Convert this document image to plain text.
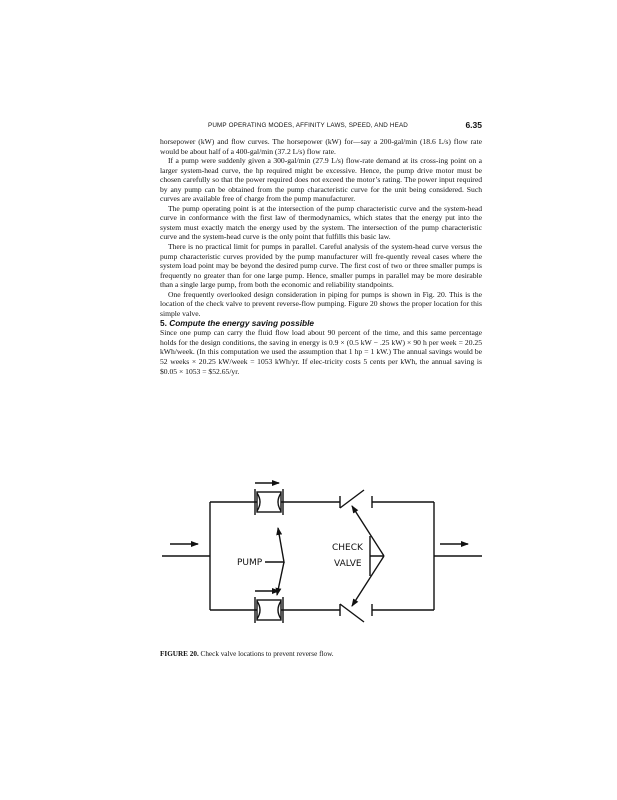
PUMP OPERATING MODES, AFFINITY LAWS, SPEED, AND HEAD	6.35

horsepower (kW) and flow curves. The horsepower (kW) for—say a 200-gal/min (18.6 L/s) flow rate would be about half of a 400-gal/min (37.2 L/s) flow rate.

If a pump were suddenly given a 300-gal/min (27.9 L/s) flow-rate demand at its cross-ing point on a larger system-head curve, the hp required might be excessive. Hence, the pump drive motor must be chosen carefully so that the power required does not exceed the motor’s rating. The power input required by any pump can be obtained from the pump characteristic curve for the unit being considered. Such curves are available free of charge from the pump manufacturer.

The pump operating point is at the intersection of the pump characteristic curve and the system-head curve in conformance with the first law of thermodynamics, which states that the energy put into the system must exactly match the energy used by the system. The intersection of the pump characteristic curve and the system-head curve is the only point that fulfills this basic law.

There is no practical limit for pumps in parallel. Careful analysis of the system-head curve versus the pump characteristic curves provided by the pump manufacturer will fre-quently reveal cases where the system load point may be beyond the desired pump curve. The first cost of two or three smaller pumps is frequently no greater than for one large pump. Hence, smaller pumps in parallel may be more desirable than a single large pump, from both the economic and reliability standpoints.

One frequently overlooked design consideration in piping for pumps is shown in Fig. 20. This is the location of the check valve to prevent reverse-flow pumping. Figure 20 shows the proper location for this simple valve.

5. Compute the energy saving possible

Since one pump can carry the fluid flow load about 90 percent of the time, and this same percentage holds for the design conditions, the saving in energy is 0.9 × (0.5 kW − .25 kW) × 90 h per week = 20.25 kWh/week. (In this computation we used the assumption that 1 hp = 1 kW.) The annual savings would be 52 weeks × 20.25 kW/week = 1053 kWh/yr. If elec-tricity costs 5 cents per kWh, the annual saving is $0.05 × 1053 = $52.65/yr.

PUMP
CHECK
VALVE
FIGURE 20. Check valve locations to prevent reverse flow.
